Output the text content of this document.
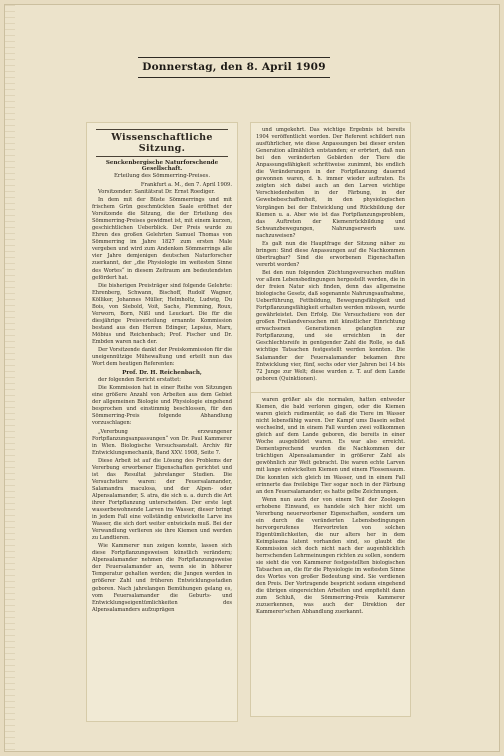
Donnerstag, den 8. April 1909
Wissenschaftliche Sitzung.
Senckenbergische Naturforschende Gesellschaft.
Erteilung des Sömmerring-Preises.
Frankfurt a. M., den 7. April 1909.

Vorsitzender: Sanitätsrat Dr. Ernst Roediger.

In dem mit der Büste Sömmerrings und mit frischem Grün geschmückten Saale eröffnet der Vorsitzende die Sitzung, die der Erteilung des Sömmerring-Preises gewidmet ist, mit einem kurzen, geschichtlichen Ueberblick. Der Preis wurde zu Ehren des großen Gelehrten Samuel Thomas von Sömmerring im Jahre 1827 zum ersten Male vergeben und wird zum Andenken Sömmerrings alle vier Jahre demjenigen deutschen Naturforscher zuerkannt, der „die Physiologie im weitesten Sinne des Wortes“ in diesem Zeitraum am bedeutendsten gefördert hat.

Die bisherigen Preisträger sind folgende Gelehrte: Ehrenberg, Schwann, Bischoff, Rudolf Wagner, Kölliker, Johannes Müller, Helmholtz, Ludwig, Du Bois, von Siebold, Voit, Sachs, Flemming, Roux, Verworn, Born, Nißl und Leuckart. Die für die diesjährige Preisverteilung ernannte Kommission bestand aus den Herren Edinger, Lepsius, Marx, Möbius und Reichenbach; Prof. Fischer und Dr. Embden waren nach der.

Der Vorsitzende dankt der Preiskommission für die uneigennützige Mühewaltung und erteilt nun das Wort dem heutigen Referenten:

Prof. Dr. H. Reichenbach,

der folgenden Bericht erstattet:

Die Kommission hat in einer Reihe von Sitzungen eine größere Anzahl von Arbeiten aus dem Gebiet der allgemeinen Biologie und Physiologie eingehend besprochen und einstimmig beschlossen, für den Sömmerring-Preis folgende Abhandlung vorzuschlagen:

„Vererbung erzwungener Fortpflanzungsanpassungen“ von Dr. Paul Kammerer in Wien. Biologische Versuchsanstalt. Archiv für Entwicklungsmechanik, Band XXV. 1908, Seite 7.

Diese Arbeit ist auf die Lösung des Problems der Vererbung erworbener Eigenschaften gerichtet und ist das Resultat jahrelanger Studien. Die Versuchstiere waren: der Feuersalamander, Salamandra maculosa, und der Alpen- oder Alpensalamander, S. atra, die sich u. a. durch die Art ihrer Fortpflanzung unterscheiden. Der erste legt wasserbewohnende Larven ins Wasser, dieser bringt in jedem Fall eine vollständig entwickelte Larve ins Wasser, die sich dort weiter entwickeln muß. Bei der Verwandlung verlieren sie ihre Kiemen und werden zu Landtieren.

Wie Kammerer nun zeigen konnte, lassen sich diese Fortpflanzungsweisen künstlich verändern; Alpensalamander nehmen die Fortpflanzungsweise der Feuersalamander an, wenn sie in höherer Temperatur gehalten werden; die Jungen werden in größerer Zahl und früheren Entwicklungsstadien geboren. Nach jahrelangen Bemühungen gelang es, vom Feuersalamander die Geburts- und Entwicklungseigentümlichkeiten des Alpensalamanders aufzuprägen

und umgekehrt. Das wichtige Ergebnis ist bereits 1904 veröffentlicht worden. Der Referent schildert nun ausführlicher, wie diese Anpassungen bei dieser ersten Generation allmählich entstanden; er erörtert, daß nun bei den veränderten Gebärden der Tiere die Anpassungsfähigkeit schrittweise zunimmt, bis endlich die Veränderungen in der Fortpflanzung dauernd gewonnen waren, d. h. immer wieder auftraten. Es zeigten sich dabei auch an den Larven wichtige Verschiedenheiten in der Färbung, in der Gewebebeschaffenheit, in den physiologischen Vorgängen bei der Entwicklung und Rückbildung der Kiemen u. a. Aber wie ist das Fortpflanzungsproblem, das Auftreten der Kiemenrückbildung und Schwanzbewegungen, Nahrungserwerb usw. nachzuweisen?

Es galt nun die Hauptfrage der Sitzung näher zu bringen: Sind diese Anpassungen auf die Nachkommen übertragbar? Sind die erworbenen Eigenschaften vererbt worden?

Bei den nun folgenden Züchtungsversuchen mußten vor allem Lebensbedingungen hergestellt werden, die in der freien Natur sich finden, denn das allgemeine biologische Gesetz, daß sogenannte Nahrungsaufnahme, Ueberführung, Fettbildung, Bewegungsfähigkeit und Fortpflanzungsfähigkeit erhalten werden müssen, wurde gewährleistet. Den Erfolg. Die Versuchstiere von der großen Freilandversuchen mit künstlicher Einrichtung erwachsenen Generationen gelangten zur Fortpflanzung, und sie erreichten in der Geschlechtsreife in genügender Zahl die Rolle, so daß wichtige Tatsachen festgestellt werden konnten. Die Salamander der Feuersalamander bekamen ihre Entwicklung vier, fünf, sechs oder vier Jahren bei 14 bis 72 Junge zur Welt; diese wurden z. T. auf dem Lande geboren (Quinktionen).

waren größer als die normalen, hatten entweder Kiemen, die bald verloren gingen, oder die Kiemen waren gleich rudimentär, so daß die Tiere im Wasser nicht lebensfähig waren. Der Kampf ums Dasein selbst wechselnd, und in einem Fall wurden zwei vollkommen gleich auf dem Lande geboren, die bereits in einer Woche ausgebildet waren. Es war also erreicht. Dementsprechend wurden die Nachkommen der trächtigen Alpensalamander in größerer Zahl als gewöhnlich zur Welt gebracht. Die waren echte Larven mit lange entwickelten Kiemen und einem Flossensaum. Die konnten sich gleich im Wasser, und in einem Fall erinnerte das freilebige Tier sogar noch in der Färbung an den Feuersalamander; es hatte gelbe Zeichnungen.

Wenn nun auch der von einem Teil der Zoologen erhobene Einwand, es handele sich hier nicht um Vererbung neuerworbener Eigenschaften, sondern um ein durch die veränderten Lebensbedingungen hervorgerufenes Hervortreten von solchen Eigentümlichkeiten, die nur alters her in dem Keimplasma latent vorhanden sind, so glaubt die Kommission sich doch nicht nach der augenblicklich herrschenden Lehrmeinungen richten zu sollen, sondern sie sieht die von Kammerer festgestellten biologischen Tatsachen an, die für die Physiologie im weitesten Sinne des Wortes von großer Bedeutung sind. Sie verdienen den Preis. Der Vortragende bespricht sodann eingehend die übrigen eingereichten Arbeiten und empfiehlt dann zum Schluß, die Sömmerring-Preis Kammerer zuzuerkennen, was auch der Direktion der Kammerer'schen Abhandlung zuerkannt.
